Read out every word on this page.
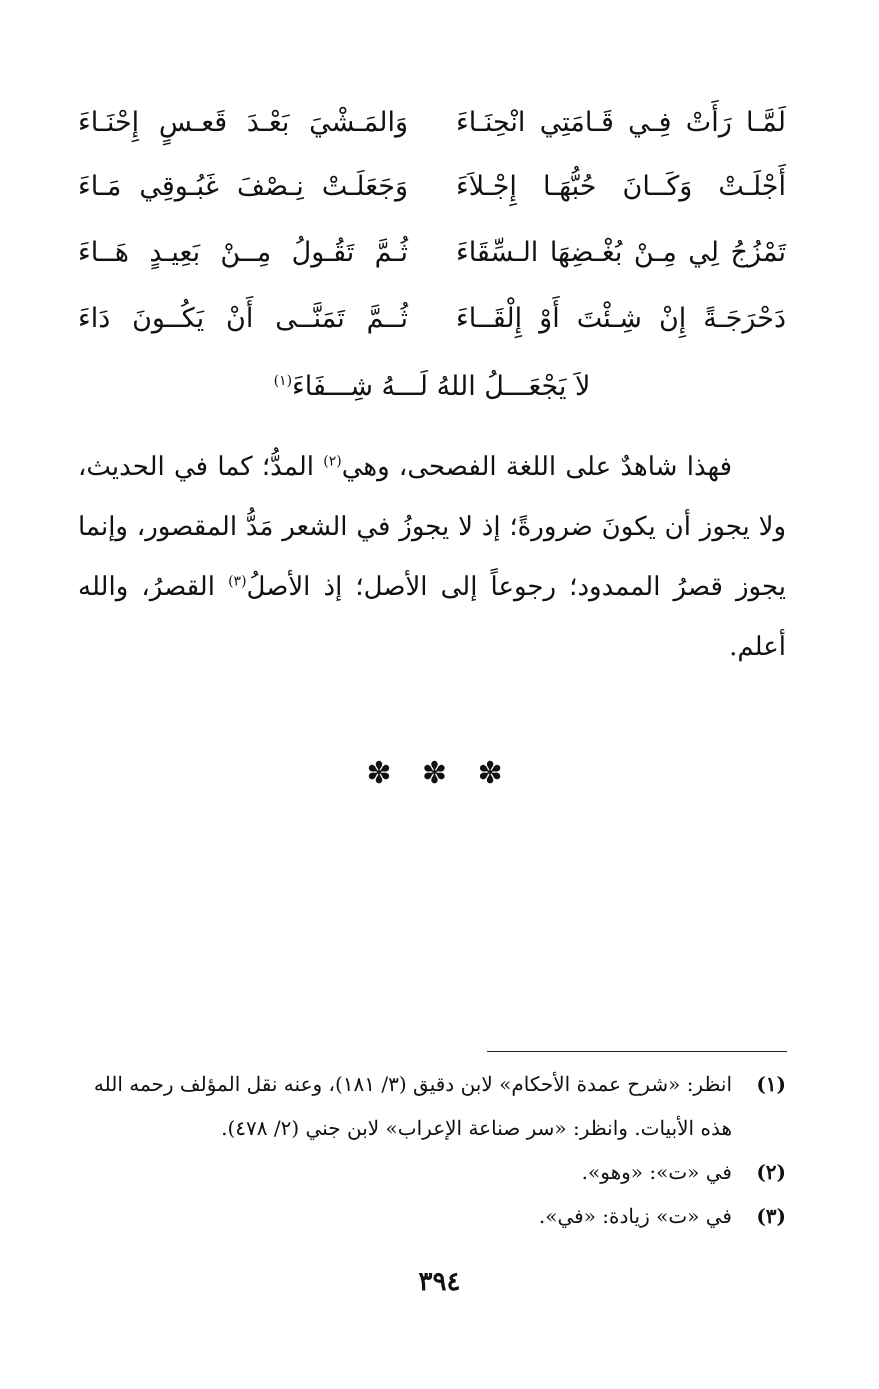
لَمَّـا رَأَتْ فِـي قَـامَتِي انْحِنَـاءَ
وَالمَـشْيَ بَعْـدَ قَعـسٍ إِحْنَـاءَ
أَجْلَـتْ وَكَــانَ حُبُّهَـا إِجْـلاَءَ
وَجَعَلَـتْ نِـصْفَ غَبُـوقِي مَـاءَ
تَمْزُجُ لِي مِـنْ بُغْـضِهَا الـسِّقَاءَ
ثُـمَّ تَقُـولُ مِــنْ بَعِيـدٍ هَــاءَ
دَحْرَجَـةً إِنْ شِـئْتَ أَوْ إِلْقَــاءَ
ثُــمَّ تَمَنَّــى أَنْ يَكُــونَ دَاءَ
لاَ يَجْعَـــلُ اللهُ لَـــهُ شِـــفَاءَ$^{(١)}$
فهذا شاهدٌ على اللغة الفصحى، وهي$^{(٢)}$ المدُّ؛ كما في الحديث،
ولا يجوز أن يكونَ ضرورةً؛ إذ لا يجوزُ في الشعر مَدُّ المقصور، وإنما
يجوز قصرُ الممدود؛ رجوعاً إلى الأصل؛ إذ الأصلُ$^{(٣)}$ القصرُ، والله
أعلم.
✽ ✽ ✽
(١)
انظر: «شرح عمدة الأحكام» لابن دقيق (٣/ ١٨١)، وعنه نقل المؤلف رحمه الله
هذه الأبيات. وانظر: «سر صناعة الإعراب» لابن جني (٢/ ٤٧٨).
(٢)
في «ت»: «وهو».
(٣)
في «ت» زيادة: «في».
٣٩٤
